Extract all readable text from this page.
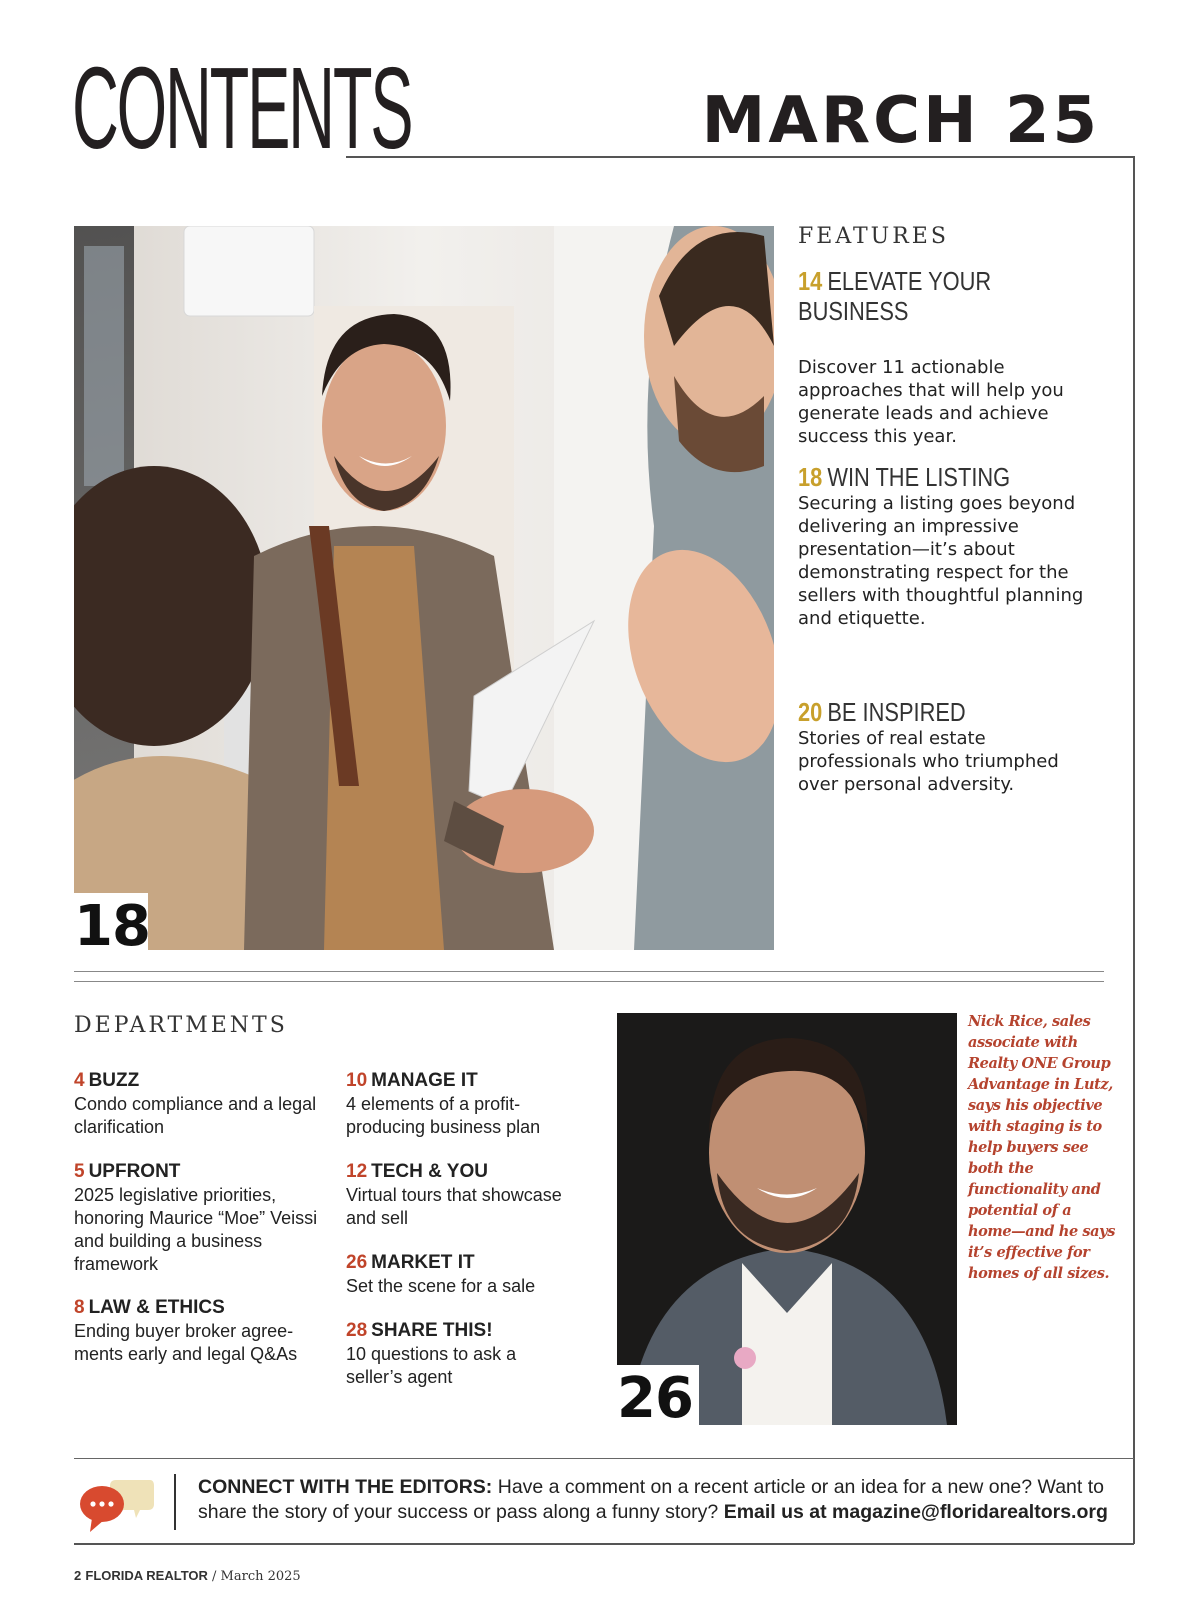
CONTENTS	MARCH 25
18
FEATURES
14 ELEVATE YOUR BUSINESS
Discover 11 actionable approaches that will help you generate leads and achieve success this year.
18 WIN THE LISTING
Securing a listing goes beyond delivering an impressive presentation—it’s about demonstrating respect for the sellers with thoughtful planning and etiquette.
20 BE INSPIRED
Stories of real estate professionals who triumphed over personal adversity.
DEPARTMENTS
4 BUZZ
Condo compliance and a legal clarification
5 UPFRONT
2025 legislative priorities, honoring Maurice “Moe” Veissi and building a business framework
8 LAW & ETHICS
Ending buyer broker agree-ments early and legal Q&As
10 MANAGE IT
4 elements of a profit-producing business plan
12 TECH & YOU
Virtual tours that showcase and sell
26 MARKET IT
Set the scene for a sale
28 SHARE THIS!
10 questions to ask a seller’s agent	26
Nick Rice, sales associate with Realty ONE Group Advantage in Lutz, says his objective with staging is to help buyers see both the functionality and potential of a home—and he says it’s effective for homes of all sizes.
CONNECT WITH THE EDITORS: Have a comment on a recent article or an idea for a new one? Want to share the story of your success or pass along a funny story? Email us at magazine@floridarealtors.org
2 FLORIDA REALTOR / March 2025
